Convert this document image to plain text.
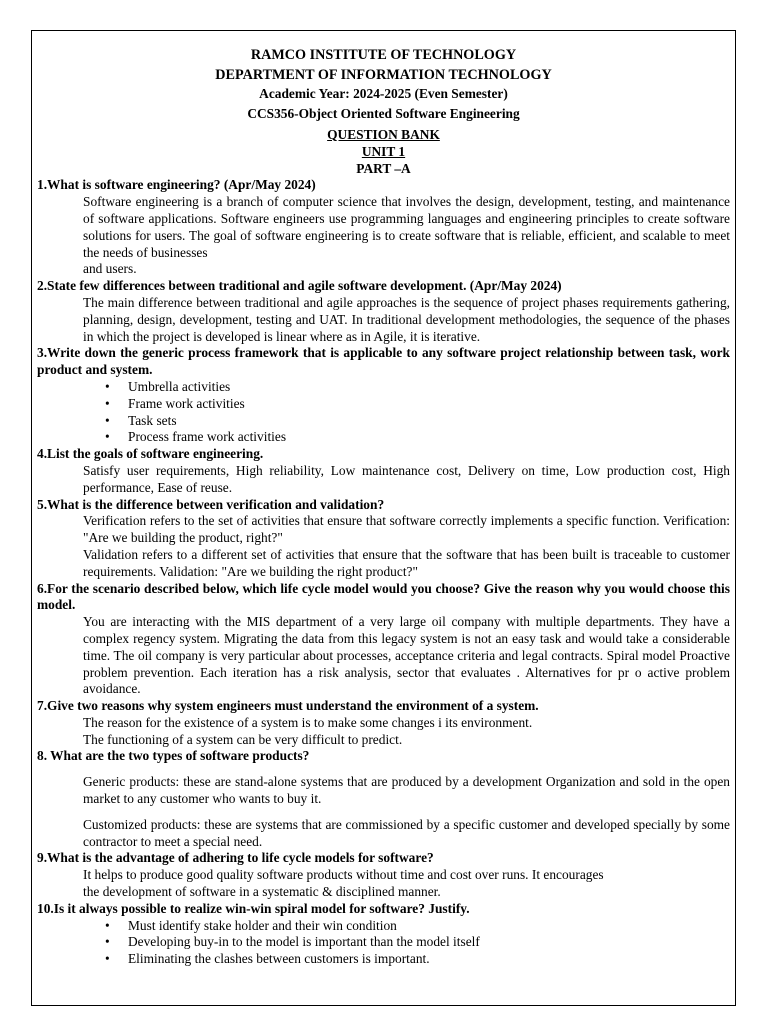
RAMCO INSTITUTE OF TECHNOLOGY
DEPARTMENT OF INFORMATION TECHNOLOGY
Academic Year: 2024-2025 (Even Semester)
CCS356-Object Oriented Software Engineering
QUESTION BANK
UNIT 1
PART –A
1.What is software engineering? (Apr/May 2024)

Software engineering is a branch of computer science that involves the design, development, testing, and maintenance of software applications. Software engineers use programming languages and engineering principles to create software solutions for users. The goal of software engineering is to create software that is reliable, efficient, and scalable to meet the needs of businesses

and users.

2.State few differences between traditional and agile software development. (Apr/May 2024)

The main difference between traditional and agile approaches is the sequence of project phases requirements gathering, planning, design, development, testing and UAT. In traditional development methodologies, the sequence of the phases in which the project is developed is linear where as in Agile, it is iterative.

3.Write down the generic process framework that is applicable to any software project relationship between task, work product and system.
• Umbrella activities
• Frame work activities
• Task sets
• Process frame work activities
4.List the goals of software engineering.

Satisfy user requirements, High reliability, Low maintenance cost, Delivery on time, Low production cost, High performance, Ease of reuse.

5.What is the difference between verification and validation?

Verification refers to the set of activities that ensure that software correctly implements a specific function. Verification: "Are we building the product, right?"

Validation refers to a different set of activities that ensure that the software that has been built is traceable to customer requirements. Validation: "Are we building the right product?"

6.For the scenario described below, which life cycle model would you choose? Give the reason why you would choose this model.

You are interacting with the MIS department of a very large oil company with multiple departments. They have a complex regency system. Migrating the data from this legacy system is not an easy task and would take a considerable time. The oil company is very particular about processes, acceptance criteria and legal contracts. Spiral model Proactive problem prevention. Each iteration has a risk analysis, sector that evaluates . Alternatives for pr o active problem avoidance.

7.Give two reasons why system engineers must understand the environment of a system.

The reason for the existence of a system is to make some changes i its environment.

The functioning of a system can be very difficult to predict.

8. What are the two types of software products?

Generic products: these are stand-alone systems that are produced by a development Organization and sold in the open market to any customer who wants to buy it.

Customized products: these are systems that are commissioned by a specific customer and developed specially by some contractor to meet a special need.

9.What is the advantage of adhering to life cycle models for software?

It helps to produce good quality software products without time and cost over runs. It encourages

the development of software in a systematic & disciplined manner.

10.Is it always possible to realize win-win spiral model for software? Justify.
• Must identify stake holder and their win condition
• Developing buy-in to the model is important than the model itself
• Eliminating the clashes between customers is important.
